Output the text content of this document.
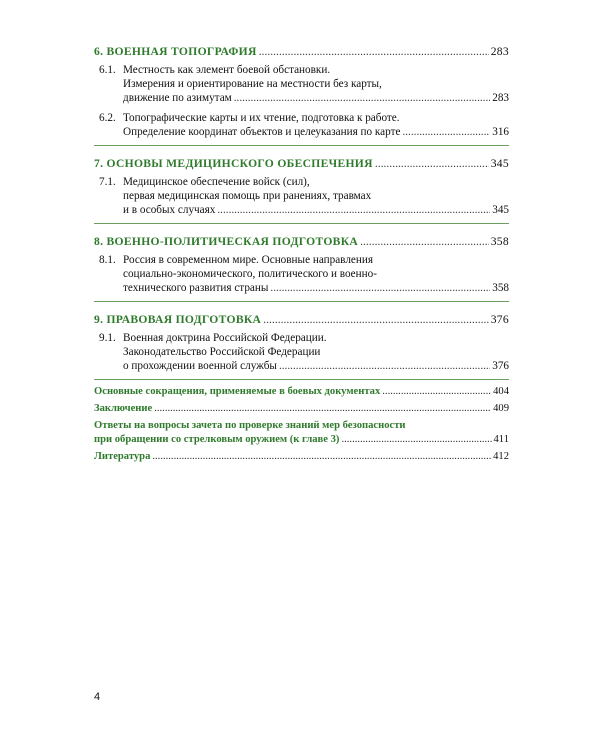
6. ВОЕННАЯ ТОПОГРАФИЯ .....	283
6.1. Местность как элемент боевой обстановки.
Измерения и ориентирование на местности без карты,
движение по азимутам .....	283
6.2. Топографические карты и их чтение, подготовка к работе.
Определение координат объектов и целеуказания по карте .....	316
7. ОСНОВЫ МЕДИЦИНСКОГО ОБЕСПЕЧЕНИЯ .....	345
7.1. Медицинское обеспечение войск (сил),
первая медицинская помощь при ранениях, травмах
и в особых случаях .....	345
8. ВОЕННО-ПОЛИТИЧЕСКАЯ ПОДГОТОВКА .....	358
8.1. Россия в современном мире. Основные направления
социально-экономического, политического и военно-
технического развития страны .....	358
9. ПРАВОВАЯ ПОДГОТОВКА .....	376
9.1. Военная доктрина Российской Федерации.
Законодательство Российской Федерации
о прохождении военной службы .....	376
Основные сокращения, применяемые в боевых документах .....	404
Заключение .....	409
Ответы на вопросы зачета по проверке знаний мер безопасности
при обращении со стрелковым оружием (к главе 3) .....	411
Литература .....	412
4
